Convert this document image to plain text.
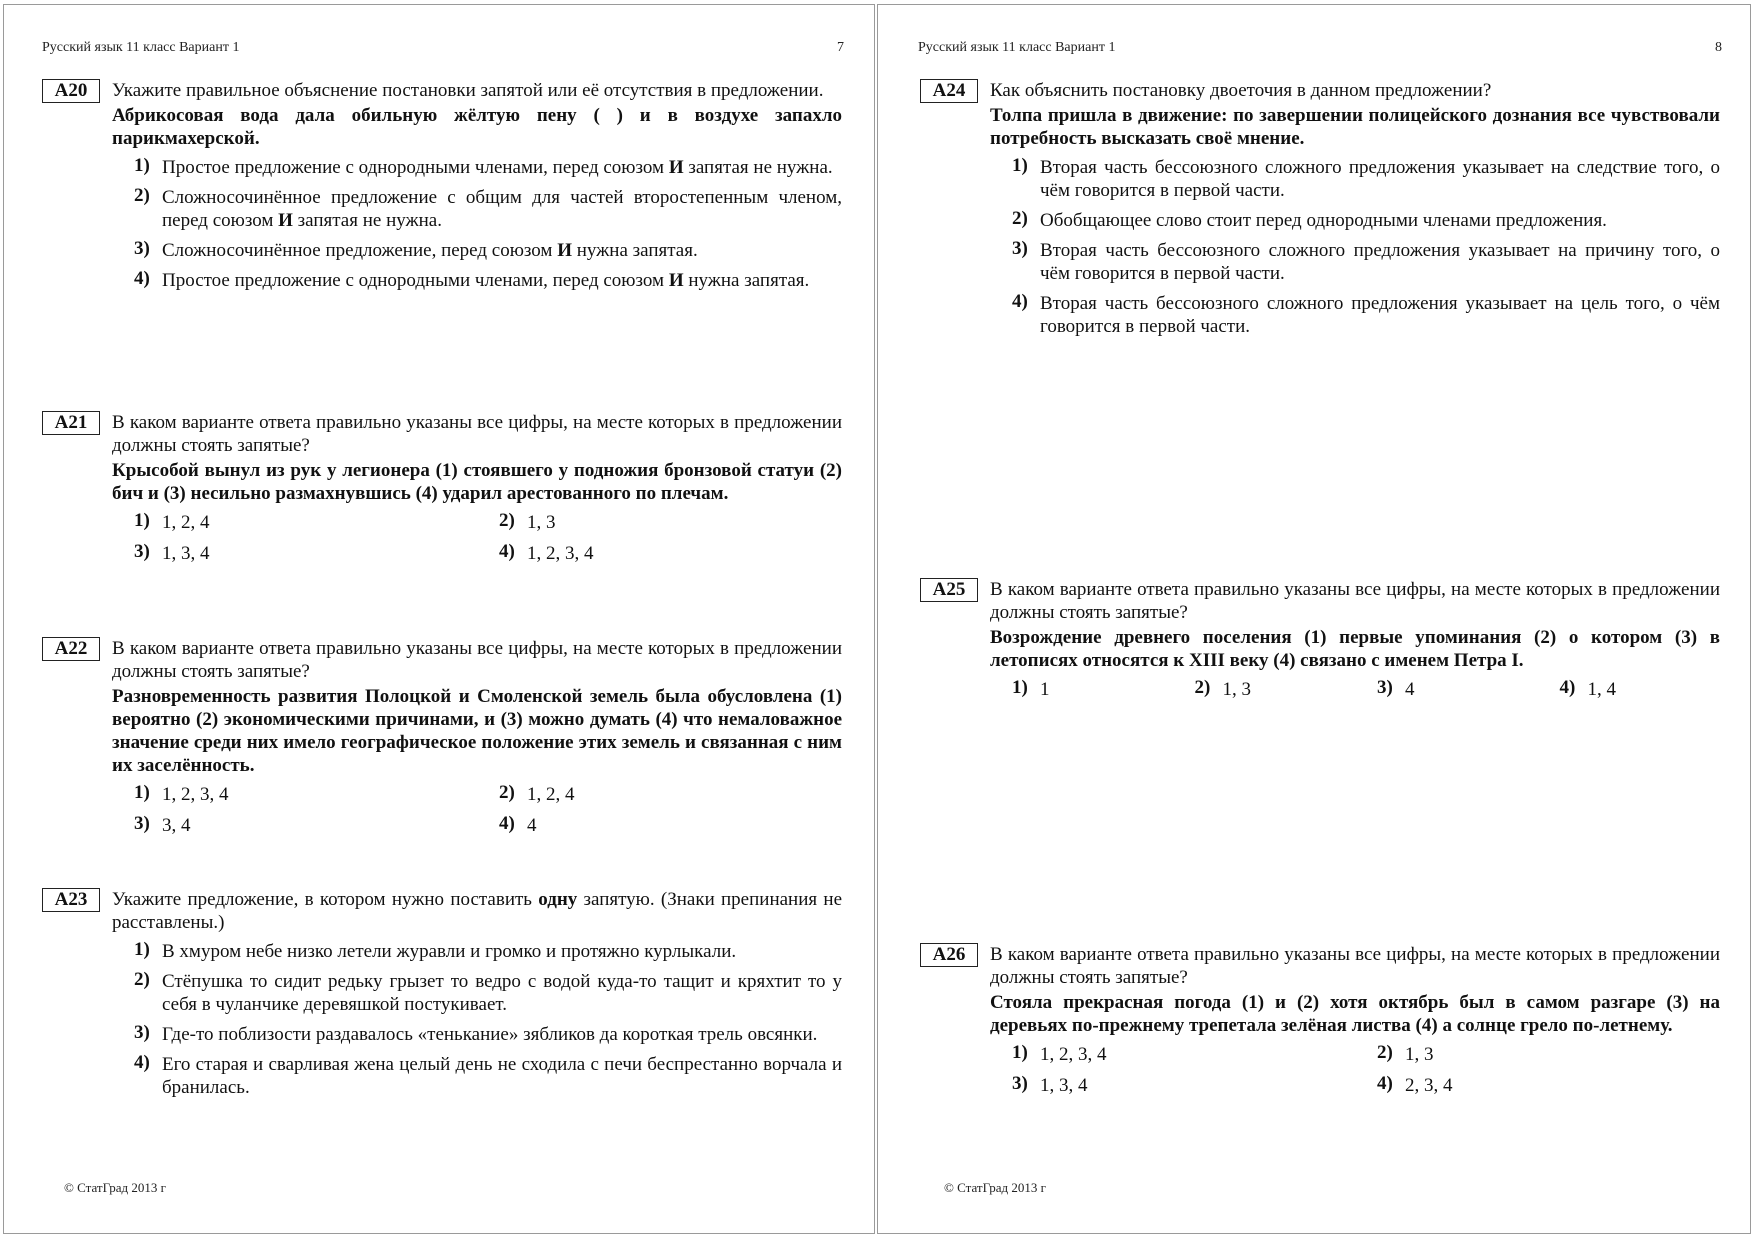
Русский язык 11 класс Вариант 1	7
А20	Укажите правильное объяснение постановки запятой или её отсутствия в предложении.
Абрикосовая вода дала обильную жёлтую пену ( ) и в воздухе запахло парикмахерской.
1) Простое предложение с однородными членами, перед союзом И запятая не нужна.
2) Сложносочинённое предложение с общим для частей второстепенным членом, перед союзом И запятая не нужна.
3) Сложносочинённое предложение, перед союзом И нужна запятая.
4) Простое предложение с однородными членами, перед союзом И нужна запятая.
А21	В каком варианте ответа правильно указаны все цифры, на месте которых в предложении должны стоять запятые?
Крысобой вынул из рук у легионера (1) стоявшего у подножия бронзовой статуи (2) бич и (3) несильно размахнувшись (4) ударил арестованного по плечам.
1) 1, 2, 4	2) 1, 3
3) 1, 3, 4	4) 1, 2, 3, 4
А22	В каком варианте ответа правильно указаны все цифры, на месте которых в предложении должны стоять запятые?
Разновременность развития Полоцкой и Смоленской земель была обусловлена (1) вероятно (2) экономическими причинами, и (3) можно думать (4) что немаловажное значение среди них имело географическое положение этих земель и связанная с ним их заселённость.
1) 1, 2, 3, 4	2) 1, 2, 4
3) 3, 4	4) 4
А23	Укажите предложение, в котором нужно поставить одну запятую. (Знаки препинания не расставлены.)
1) В хмуром небе низко летели журавли и громко и протяжно курлыкали.
2) Стёпушка то сидит редьку грызет то ведро с водой куда-то тащит и кряхтит то у себя в чуланчике деревяшкой постукивает.
3) Где-то поблизости раздавалось «тенькание» зябликов да короткая трель овсянки.
4) Его старая и сварливая жена целый день не сходила с печи беспрестанно ворчала и бранилась.
© СтатГрад 2013 г
Русский язык 11 класс Вариант 1	8
А24	Как объяснить постановку двоеточия в данном предложении?
Толпа пришла в движение: по завершении полицейского дознания все чувствовали потребность высказать своё мнение.
1) Вторая часть бессоюзного сложного предложения указывает на следствие того, о чём говорится в первой части.
2) Обобщающее слово стоит перед однородными членами предложения.
3) Вторая часть бессоюзного сложного предложения указывает на причину того, о чём говорится в первой части.
4) Вторая часть бессоюзного сложного предложения указывает на цель того, о чём говорится в первой части.
А25	В каком варианте ответа правильно указаны все цифры, на месте которых в предложении должны стоять запятые?
Возрождение древнего поселения (1) первые упоминания (2) о котором (3) в летописях относятся к XIII веку (4) связано с именем Петра I.
1) 1	2) 1, 3	3) 4	4) 1, 4
А26	В каком варианте ответа правильно указаны все цифры, на месте которых в предложении должны стоять запятые?
Стояла прекрасная погода (1) и (2) хотя октябрь был в самом разгаре (3) на деревьях по-прежнему трепетала зелёная листва (4) а солнце грело по-летнему.
1) 1, 2, 3, 4	2) 1, 3
3) 1, 3, 4	4) 2, 3, 4
© СтатГрад 2013 г
